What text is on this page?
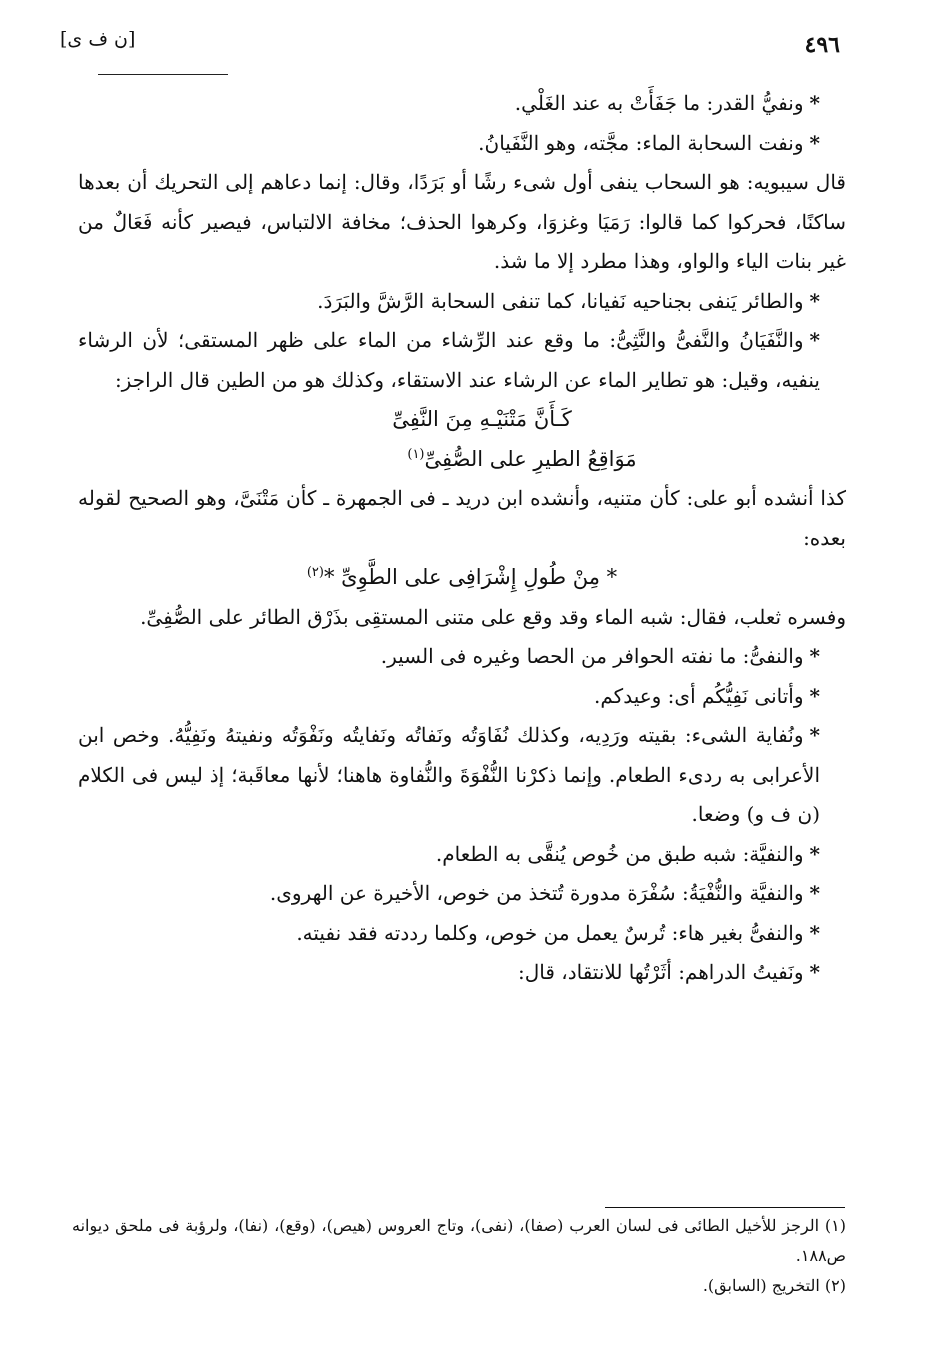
٤٩٦
[ن ف ى]

*ونفيُّ القدر: ما جَفَأَتْ به عند الغَلْي.

*ونفت السحابة الماء: مجَّته، وهو النَّفَيانُ.

قال سيبويه: هو السحاب ينفى أول شىء رشًا أو بَرَدًا، وقال: إنما دعاهم إلى التحريك أن بعدها ساكنًا، فحركوا كما قالوا: رَمَيَا وغزوَا، وكرهوا الحذف؛ مخافة الالتباس، فيصير كأنه فَعَالٌ من غير بنات الياء والواو، وهذا مطرد إلا ما شذ.

*والطائر يَنفى بجناحيه نَفيانا، كما تنفى السحابة الرَّشَّ والبَرَدَ.

*والنَّفَيَانُ والنَّفىُّ والنَّثِىُّ: ما وقع عند الرِّشاء من الماء على ظهر المستقى؛ لأن الرشاء ينفيه، وقيل: هو تطاير الماء عن الرشاء عند الاستقاء، وكذلك هو من الطين قال الراجز:

كَـأَنَّ مَتْنَيْـهِ مِنَ النَّفِىِّ

مَوَاقِعُ الطيرِ على الصُّفِىِّ$^{(١)}$

كذا أنشده أبو على: كأن متنيه، وأنشده ابن دريد ـ فى الجمهرة ـ كأن مَتْنَىَّ، وهو الصحيح لقوله بعده:

* مِنْ طُولِ إِشْرَافِى على الطَّوِىِّ *$^{(٢)}$

وفسره ثعلب، فقال: شبه الماء وقد وقع على متنى المستقِى بذَرْق الطائر على الصُّفِىِّ.

*والنفىُّ: ما نفته الحوافر من الحصا وغيره فى السير.

*وأتانى نَفِيُّكُم أى: وعيدكم.

*ونُفاية الشىء: بقيته ورَدِيه، وكذلك نُفَاوَتُه ونَفاتُه ونَفايتُه ونَفْوَتُه ونفيتهُ ونَفِيُّهُ. وخص ابن الأعرابى به ردىء الطعام. وإنما ذكرْنا النُّفْوَةَ والنُّفاوة هاهنا؛ لأنها معاقَبة؛ إذ ليس فى الكلام (ن ف و) وضعا.

*والنفيَّة: شبه طبق من خُوص يُنقَّى به الطعام.

*والنفيَّة والنُّفْيَةُ: سُفْرَة مدورة تُتخذ من خوص، الأخيرة عن الهروى.

*والنفىُّ بغير هاء: تُرسٌ يعمل من خوص، وكلما رددته فقد نفيته.

*ونَفيتُ الدراهم: أثَرْتُها للانتقاد، قال:

(١) الرجز للأخيل الطائى فى لسان العرب (صفا)، (نفى)، وتاج العروس (هيص)، (وقع)، (نفا)، ولرؤبة فى ملحق ديوانه ص١٨٨.

(٢) التخريج (السابق).
